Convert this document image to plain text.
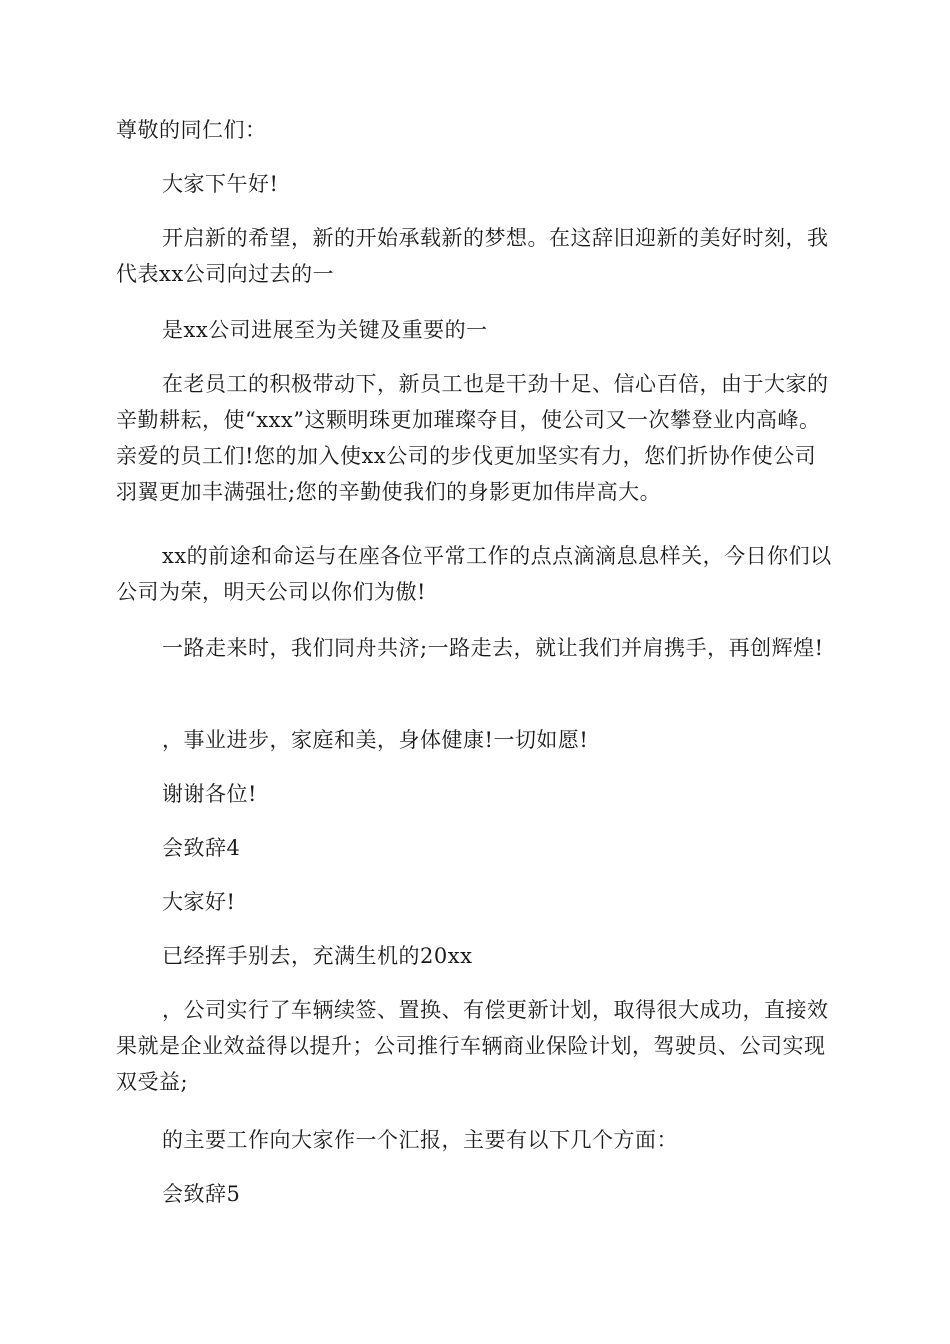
尊敬的同仁们：

大家下午好!

开启新的希望，新的开始承载新的梦想。在这辞旧迎新的美好时刻，我代表xx公司向过去的一

是xx公司进展至为关键及重要的一

在老员工的积极带动下，新员工也是干劲十足、信心百倍，由于大家的辛勤耕耘，使“xxx”这颗明珠更加璀璨夺目，使公司又一次攀登业内高峰。亲爱的员工们!您的加入使xx公司的步伐更加坚实有力，您们折协作使公司羽翼更加丰满强壮;您的辛勤使我们的身影更加伟岸高大。

xx的前途和命运与在座各位平常工作的点点滴滴息息样关，今日你们以公司为荣，明天公司以你们为傲!

一路走来时，我们同舟共济;一路走去，就让我们并肩携手，再创辉煌!

，事业进步，家庭和美，身体健康!一切如愿!

谢谢各位!

会致辞4

大家好!

已经挥手别去，充满生机的20xx

，公司实行了车辆续签、置换、有偿更新计划，取得很大成功，直接效果就是企业效益得以提升；公司推行车辆商业保险计划，驾驶员、公司实现双受益;

的主要工作向大家作一个汇报，主要有以下几个方面：

会致辞5
